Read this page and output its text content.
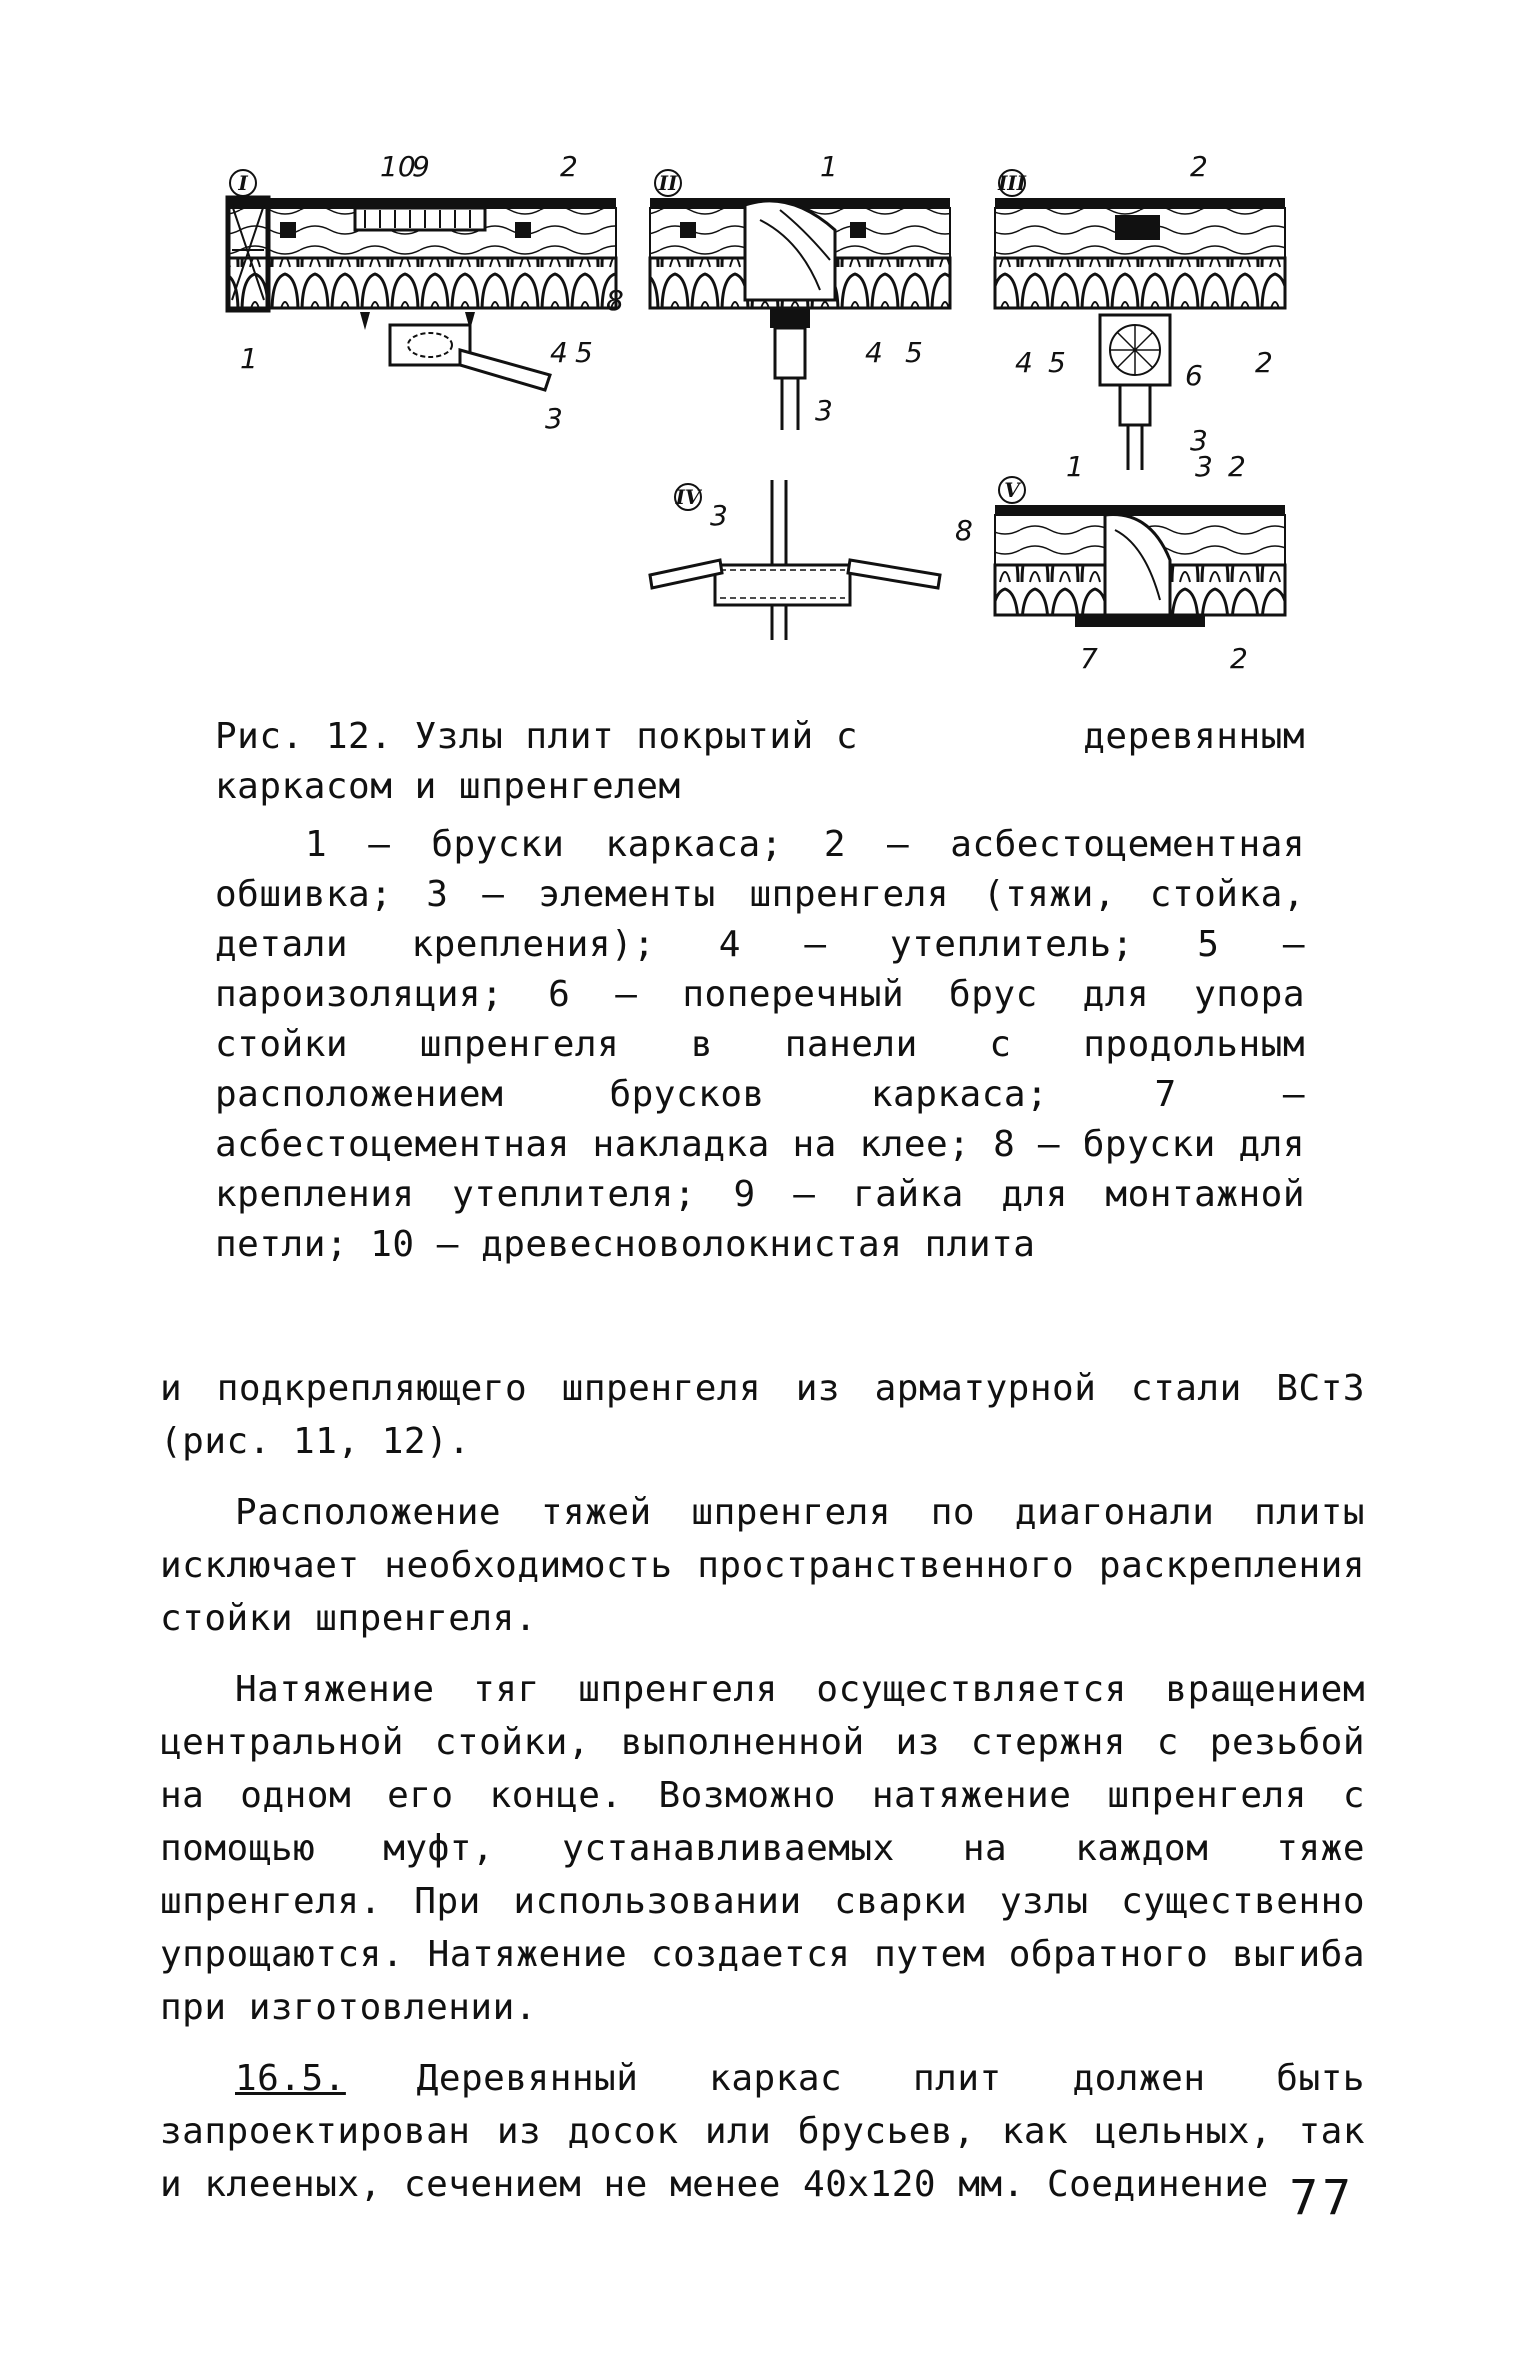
I
1
10
9	2
4 5
3
8
II	1
4 5
3
III	2
4 5	6 2
3
IV
3
V
1	3 2
8
7	2
Рис. 12. Узлы плит покрытий с	деревянным

каркасом и шпренгелем

1 – бруски каркаса; 2 – асбестоцементная обшивка; 3 – элементы шпренгеля (тяжи, стойка, детали крепления); 4 – утеплитель; 5 – пароизоляция; 6 – поперечный брус для упора стойки шпренгеля в панели с продольным расположением брусков каркаса; 7 – асбестоцементная накладка на клее; 8 – бруски для крепления утеплителя; 9 – гайка для монтажной петли; 10 – древесноволокнистая плита

и подкрепляющего шпренгеля из арматурной стали ВСт3 (рис. 11, 12).

Расположение тяжей шпренгеля по диагонали плиты исключает необходимость пространственного раскрепления стойки шпренгеля.

Натяжение тяг шпренгеля осуществляется вращением центральной стойки, выполненной из стержня с резьбой на одном его конце. Возможно натяжение шпренгеля с помощью муфт, устанавливаемых на каждом тяже шпренгеля. При использовании сварки узлы существенно упрощаются. Натяжение создается путем обратного выгиба при изготовлении.

16.5. Деревянный каркас плит должен быть запроектирован из досок или брусьев, как цельных, так и клееных, сечением не менее 40х120 мм. Соединение 77
